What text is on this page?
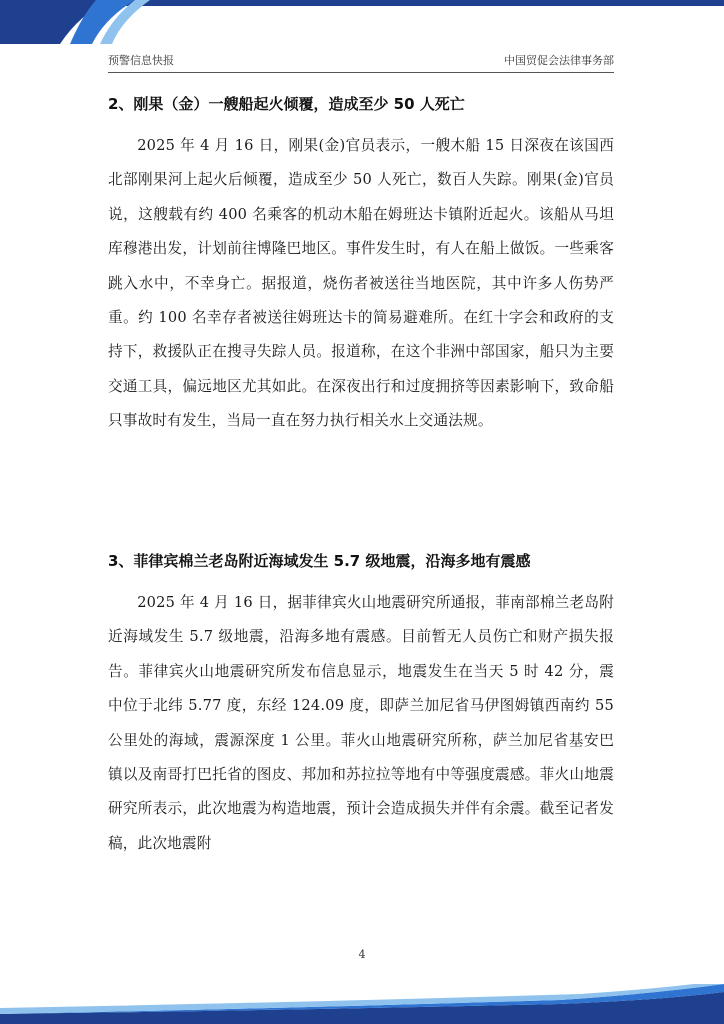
预警信息快报	中国贸促会法律事务部
2、刚果（金）一艘船起火倾覆，造成至少 50 人死亡

2025 年 4 月 16 日，刚果(金)官员表示，一艘木船 15 日深夜在该国西北部刚果河上起火后倾覆，造成至少 50 人死亡，数百人失踪。刚果(金)官员说，这艘载有约 400 名乘客的机动木船在姆班达卡镇附近起火。该船从马坦库穆港出发，计划前往博隆巴地区。事件发生时，有人在船上做饭。一些乘客跳入水中，不幸身亡。据报道，烧伤者被送往当地医院，其中许多人伤势严重。约 100 名幸存者被送往姆班达卡的简易避难所。在红十字会和政府的支持下，救援队正在搜寻失踪人员。报道称，在这个非洲中部国家，船只为主要交通工具，偏远地区尤其如此。在深夜出行和过度拥挤等因素影响下，致命船只事故时有发生，当局一直在努力执行相关水上交通法规。

3、菲律宾棉兰老岛附近海域发生 5.7 级地震，沿海多地有震感

2025 年 4 月 16 日，据菲律宾火山地震研究所通报，菲南部棉兰老岛附近海域发生 5.7 级地震，沿海多地有震感。目前暂无人员伤亡和财产损失报告。菲律宾火山地震研究所发布信息显示，地震发生在当天 5 时 42 分，震中位于北纬 5.77 度，东经 124.09 度，即萨兰加尼省马伊图姆镇西南约 55 公里处的海域，震源深度 1 公里。菲火山地震研究所称，萨兰加尼省基安巴镇以及南哥打巴托省的图皮、邦加和苏拉拉等地有中等强度震感。菲火山地震研究所表示，此次地震为构造地震，预计会造成损失并伴有余震。截至记者发稿，此次地震附

4
